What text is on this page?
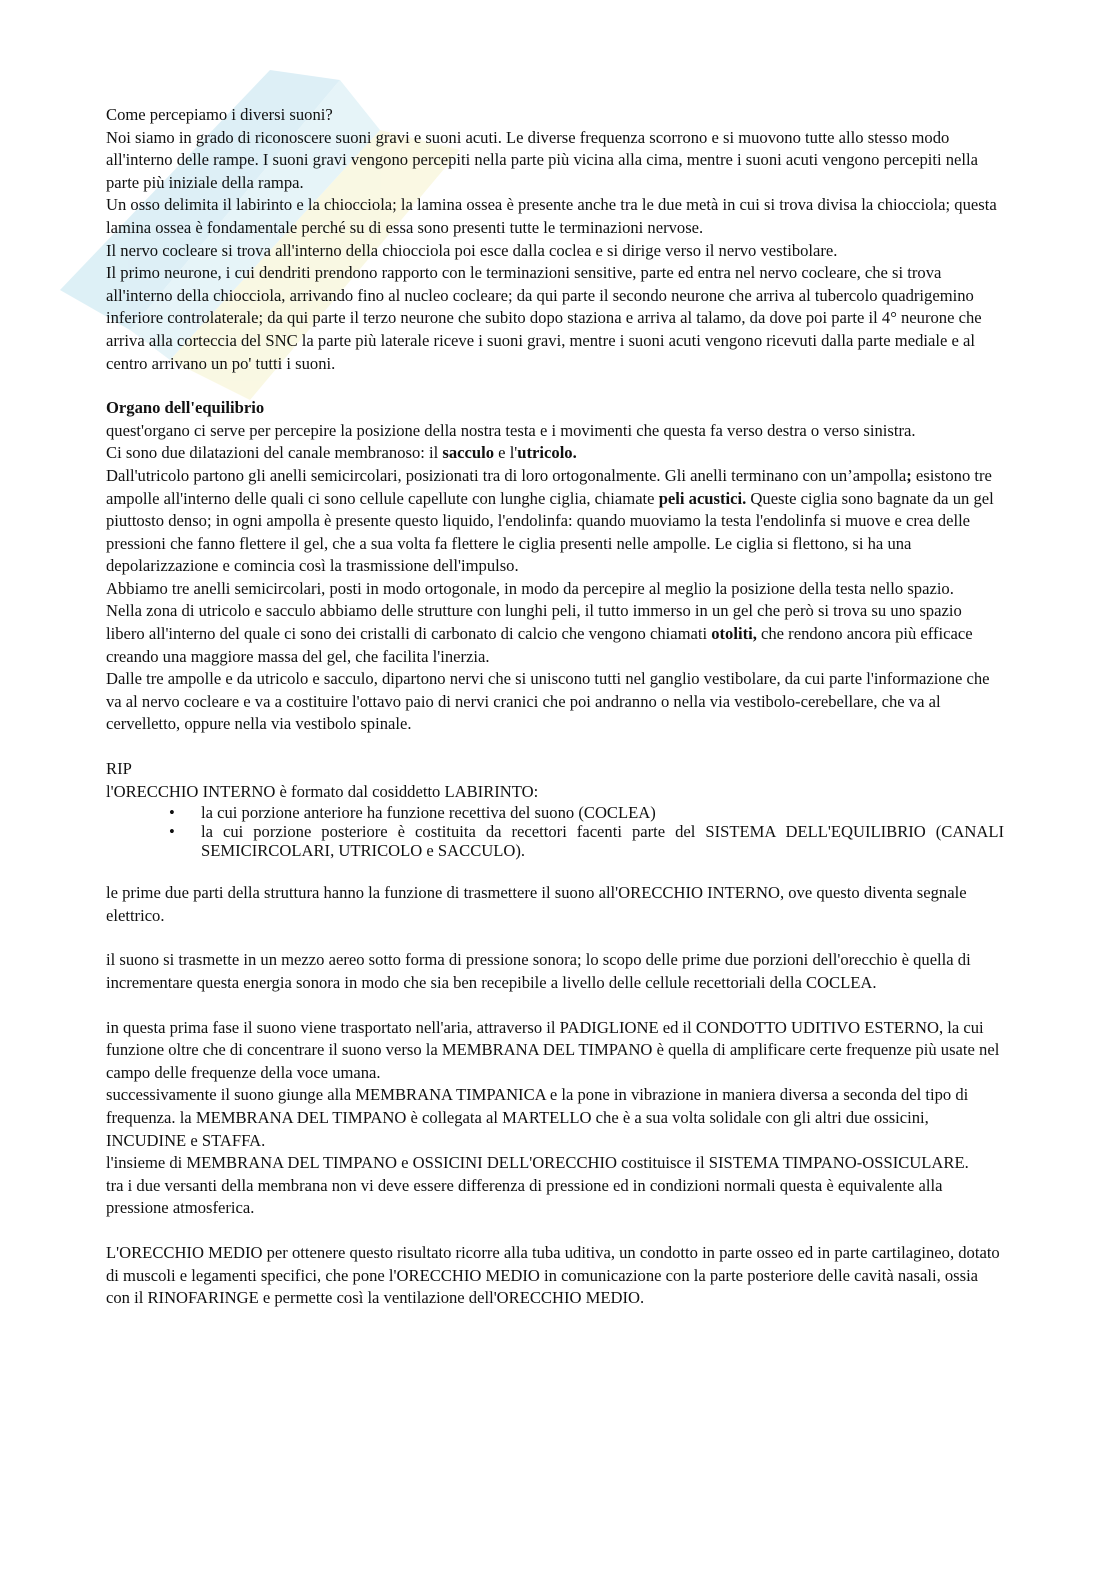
Come percepiamo i diversi suoni?

Noi siamo in grado di riconoscere suoni gravi e suoni acuti. Le diverse frequenza scorrono e si muovono tutte allo stesso modo all'interno delle rampe. I suoni gravi vengono percepiti nella parte più vicina alla cima, mentre i suoni acuti vengono percepiti nella parte più iniziale della rampa.

Un osso delimita il labirinto e la chiocciola; la lamina ossea è presente anche tra le due metà in cui si trova divisa la chiocciola; questa lamina ossea è fondamentale perché su di essa sono presenti tutte le terminazioni nervose.

Il nervo cocleare si trova all'interno della chiocciola poi esce dalla coclea e si dirige verso il nervo vestibolare.

Il primo neurone, i cui dendriti prendono rapporto con le terminazioni sensitive, parte ed entra nel nervo cocleare, che si trova all'interno della chiocciola, arrivando fino al nucleo cocleare; da qui parte il secondo neurone che arriva al tubercolo quadrigemino inferiore controlaterale; da qui parte il terzo neurone che subito dopo staziona e arriva al talamo, da dove poi parte il 4° neurone che arriva alla corteccia del SNC la parte più laterale riceve i suoni gravi, mentre i suoni acuti vengono ricevuti dalla parte mediale e al centro arrivano un po' tutti i suoni.

Organo dell'equilibrio

quest'organo ci serve per percepire la posizione della nostra testa e i movimenti che questa fa verso destra o verso sinistra.

Ci sono due dilatazioni del canale membranoso: il sacculo e l'utricolo.

Dall'utricolo partono gli anelli semicircolari, posizionati tra di loro ortogonalmente. Gli anelli terminano con un’ampolla; esistono tre ampolle all'interno delle quali ci sono cellule capellute con lunghe ciglia, chiamate peli acustici. Queste ciglia sono bagnate da un gel piuttosto denso; in ogni ampolla è presente questo liquido, l'endolinfa: quando muoviamo la testa l'endolinfa si muove e crea delle pressioni che fanno flettere il gel, che a sua volta fa flettere le ciglia presenti nelle ampolle. Le ciglia si flettono, si ha una depolarizzazione e comincia così la trasmissione dell'impulso.

Abbiamo tre anelli semicircolari, posti in modo ortogonale, in modo da percepire al meglio la posizione della testa nello spazio.

Nella zona di utricolo e sacculo abbiamo delle strutture con lunghi peli, il tutto immerso in un gel che però si trova su uno spazio libero all'interno del quale ci sono dei cristalli di carbonato di calcio che vengono chiamati otoliti, che rendono ancora più efficace creando una maggiore massa del gel, che facilita l'inerzia.

Dalle tre ampolle e da utricolo e sacculo, dipartono nervi che si uniscono tutti nel ganglio vestibolare, da cui parte l'informazione che va al nervo cocleare e va a costituire l'ottavo paio di nervi cranici che poi andranno o nella via vestibolo-cerebellare, che va al cervelletto, oppure nella via vestibolo spinale.

RIP

l'ORECCHIO INTERNO è formato dal cosiddetto LABIRINTO:

• la cui porzione anteriore ha funzione recettiva del suono (COCLEA)
• la cui porzione posteriore è costituita da recettori facenti parte del SISTEMA DELL'EQUILIBRIO (CANALI SEMICIRCOLARI, UTRICOLO e SACCULO).

le prime due parti della struttura hanno la funzione di trasmettere il suono all'ORECCHIO INTERNO, ove questo diventa segnale elettrico.

il suono si trasmette in un mezzo aereo sotto forma di pressione sonora; lo scopo delle prime due porzioni dell'orecchio è quella di incrementare questa energia sonora in modo che sia ben recepibile a livello delle cellule recettoriali della COCLEA.

in questa prima fase il suono viene trasportato nell'aria, attraverso il PADIGLIONE ed il CONDOTTO UDITIVO ESTERNO, la cui funzione oltre che di concentrare il suono verso la MEMBRANA DEL TIMPANO è quella di amplificare certe frequenze più usate nel campo delle frequenze della voce umana.

successivamente il suono giunge alla MEMBRANA TIMPANICA e la pone in vibrazione in maniera diversa a seconda del tipo di frequenza. la MEMBRANA DEL TIMPANO è collegata al MARTELLO che è a sua volta solidale con gli altri due ossicini, INCUDINE e STAFFA.

l'insieme di MEMBRANA DEL TIMPANO e OSSICINI DELL'ORECCHIO costituisce il SISTEMA TIMPANO-OSSICULARE.

tra i due versanti della membrana non vi deve essere differenza di pressione ed in condizioni normali questa è equivalente alla pressione atmosferica.

L'ORECCHIO MEDIO per ottenere questo risultato ricorre alla tuba uditiva, un condotto in parte osseo ed in parte cartilagineo, dotato di muscoli e legamenti specifici, che pone l'ORECCHIO MEDIO in comunicazione con la parte posteriore delle cavità nasali, ossia con il RINOFARINGE e permette così la ventilazione dell'ORECCHIO MEDIO.
